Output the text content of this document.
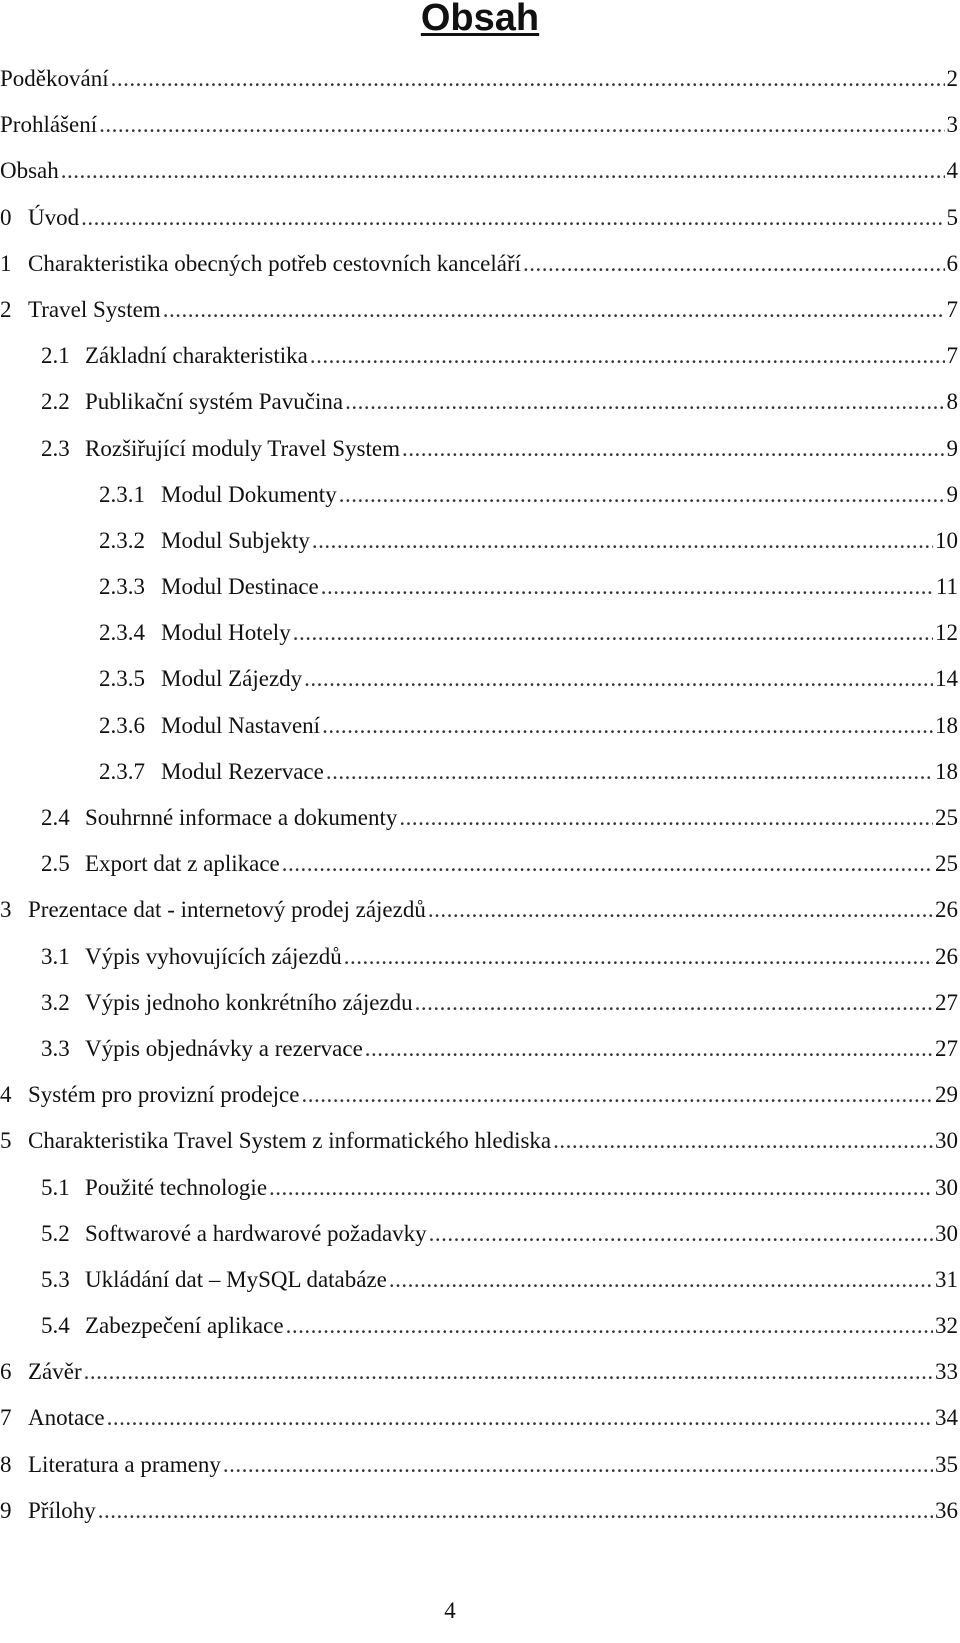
Obsah
Poděkování .....	2
Prohlášení .....	3
Obsah .....	4
0 Úvod .....	5
1 Charakteristika obecných potřeb cestovních kanceláří .....	6
2 Travel System .....	7
2.1 Základní charakteristika .....	7
2.2 Publikační systém Pavučina .....	8
2.3 Rozšiřující moduly Travel System .....	9
2.3.1 Modul Dokumenty .....	9
2.3.2 Modul Subjekty .....	10
2.3.3 Modul Destinace .....	11
2.3.4 Modul Hotely .....	12
2.3.5 Modul Zájezdy .....	14
2.3.6 Modul Nastavení .....	18
2.3.7 Modul Rezervace .....	18
2.4 Souhrnné informace a dokumenty .....	25
2.5 Export dat z aplikace .....	25
3 Prezentace dat - internetový prodej zájezdů .....	26
3.1 Výpis vyhovujících zájezdů .....	26
3.2 Výpis jednoho konkrétního zájezdu .....	27
3.3 Výpis objednávky a rezervace .....	27
4 Systém pro provizní prodejce .....	29
5 Charakteristika Travel System z informatického hlediska .....	30
5.1 Použité technologie .....	30
5.2 Softwarové a hardwarové požadavky .....	30
5.3 Ukládání dat – MySQL databáze .....	31
5.4 Zabezpečení aplikace .....	32
6 Závěr .....	33
7 Anotace .....	34
8 Literatura a prameny .....	35
9 Přílohy .....	36
4
